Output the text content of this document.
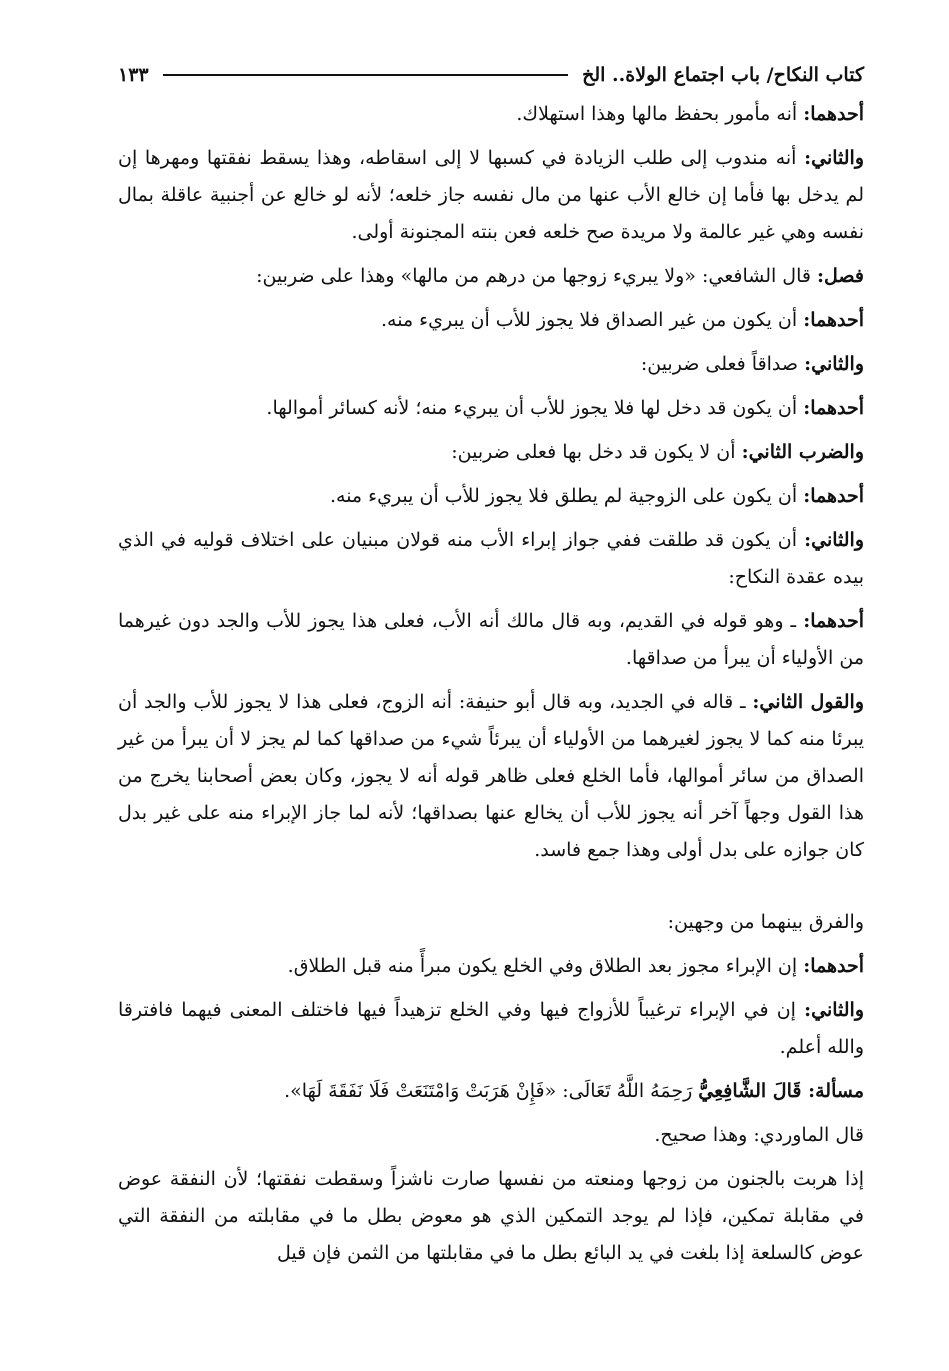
كتاب النكاح/ باب اجتماع الولاة.. الخ
١٣٣

أحدهما: أنه مأمور بحفظ مالها وهذا استهلاك.

والثاني: أنه مندوب إلى طلب الزيادة في كسبها لا إلى اسقاطه، وهذا يسقط نفقتها ومهرها إن لم يدخل بها فأما إن خالع الأب عنها من مال نفسه جاز خلعه؛ لأنه لو خالع عن أجنبية عاقلة بمال نفسه وهي غير عالمة ولا مريدة صح خلعه فعن بنته المجنونة أولى.

فصل: قال الشافعي: «ولا يبريء زوجها من درهم من مالها» وهذا على ضربين:

أحدهما: أن يكون من غير الصداق فلا يجوز للأب أن يبريء منه.

والثاني: صداقاً فعلى ضربين:

أحدهما: أن يكون قد دخل لها فلا يجوز للأب أن يبريء منه؛ لأنه كسائر أموالها.

والضرب الثاني: أن لا يكون قد دخل بها فعلى ضربين:

أحدهما: أن يكون على الزوجية لم يطلق فلا يجوز للأب أن يبريء منه.

والثاني: أن يكون قد طلقت ففي جواز إبراء الأب منه قولان مبنيان على اختلاف قوليه في الذي بيده عقدة النكاح:

أحدهما: ـ وهو قوله في القديم، وبه قال مالك أنه الأب، فعلى هذا يجوز للأب والجد دون غيرهما من الأولياء أن يبرأ من صداقها.

والقول الثاني: ـ قاله في الجديد، وبه قال أبو حنيفة: أنه الزوج، فعلى هذا لا يجوز للأب والجد أن يبرئا منه كما لا يجوز لغيرهما من الأولياء أن يبرئاً شيء من صداقها كما لم يجز لا أن يبرأ من غير الصداق من سائر أموالها، فأما الخلع فعلى ظاهر قوله أنه لا يجوز، وكان بعض أصحابنا يخرج من هذا القول وجهاً آخر أنه يجوز للأب أن يخالع عنها بصداقها؛ لأنه لما جاز الإبراء منه على غير بدل كان جوازه على بدل أولى وهذا جمع فاسد.

والفرق بينهما من وجهين:

أحدهما: إن الإبراء مجوز بعد الطلاق وفي الخلع يكون مبرأً منه قبل الطلاق.

والثاني: إن في الإبراء ترغيباً للأزواج فيها وفي الخلع تزهيداً فيها فاختلف المعنى فيهما فافترقا والله أعلم.

مسألة: قَالَ الشَّافِعِيُّ رَحِمَهُ اللَّهُ تَعَالَى: «فَإِنْ هَرَبَتْ وَامْتَنَعَتْ فَلَا نَفَقَةَ لَهَا».

قال الماوردي: وهذا صحيح.

إذا هربت بالجنون من زوجها ومنعته من نفسها صارت ناشزاً وسقطت نفقتها؛ لأن النفقة عوض في مقابلة تمكين، فإذا لم يوجد التمكين الذي هو معوض بطل ما في مقابلته من النفقة التي عوض كالسلعة إذا بلغت في يد البائع بطل ما في مقابلتها من الثمن فإن قيل
